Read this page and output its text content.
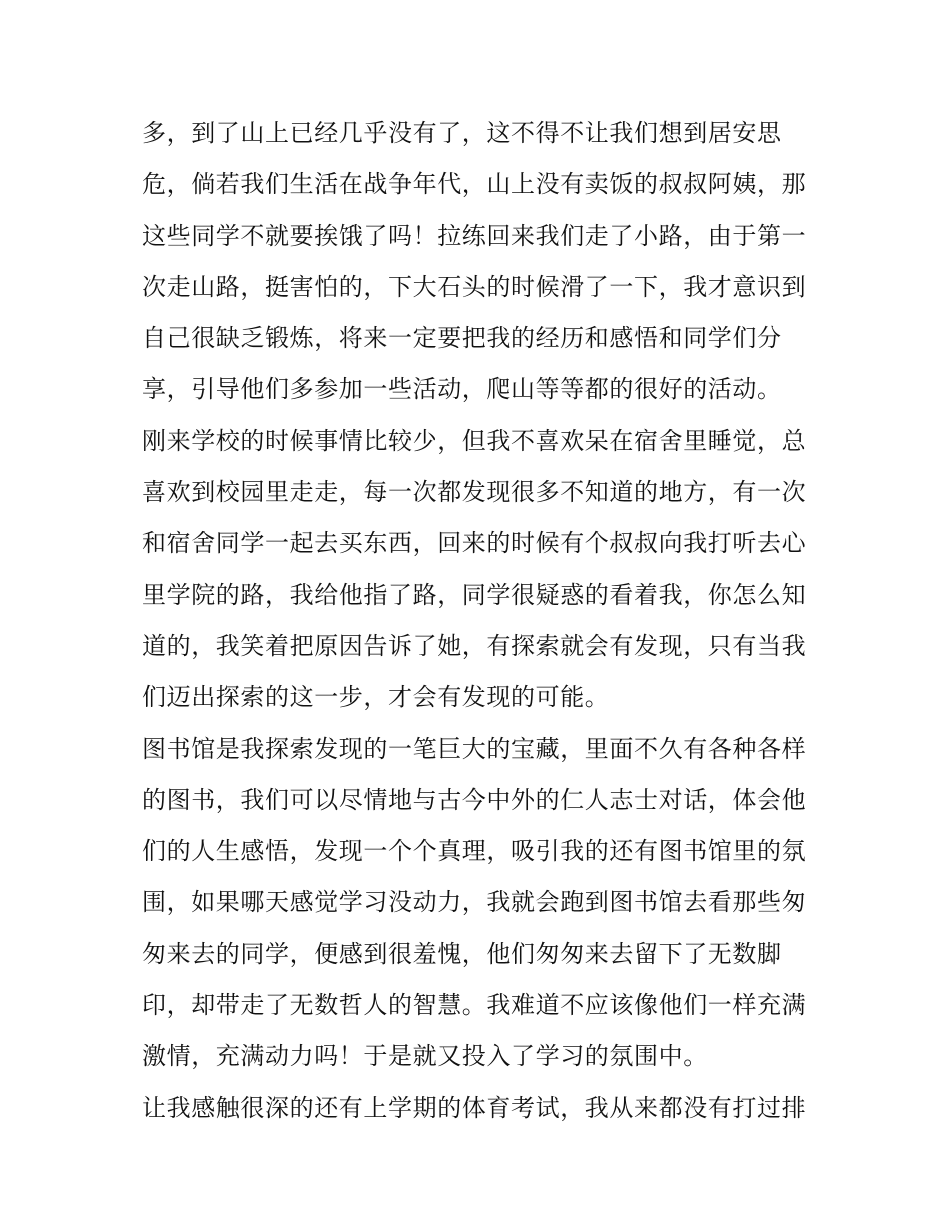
多，到了山上已经几乎没有了，这不得不让我们想到居安思
危，倘若我们生活在战争年代，山上没有卖饭的叔叔阿姨，那
这些同学不就要挨饿了吗！拉练回来我们走了小路，由于第一
次走山路，挺害怕的，下大石头的时候滑了一下，我才意识到
自己很缺乏锻炼，将来一定要把我的经历和感悟和同学们分
享，引导他们多参加一些活动，爬山等等都的很好的活动。
刚来学校的时候事情比较少，但我不喜欢呆在宿舍里睡觉，总
喜欢到校园里走走，每一次都发现很多不知道的地方，有一次
和宿舍同学一起去买东西，回来的时候有个叔叔向我打听去心
里学院的路，我给他指了路，同学很疑惑的看着我，你怎么知
道的，我笑着把原因告诉了她，有探索就会有发现，只有当我
们迈出探索的这一步，才会有发现的可能。
图书馆是我探索发现的一笔巨大的宝藏，里面不久有各种各样
的图书，我们可以尽情地与古今中外的仁人志士对话，体会他
们的人生感悟，发现一个个真理，吸引我的还有图书馆里的氛
围，如果哪天感觉学习没动力，我就会跑到图书馆去看那些匆
匆来去的同学，便感到很羞愧，他们匆匆来去留下了无数脚
印，却带走了无数哲人的智慧。我难道不应该像他们一样充满
激情，充满动力吗！于是就又投入了学习的氛围中。
让我感触很深的还有上学期的体育考试，我从来都没有打过排
